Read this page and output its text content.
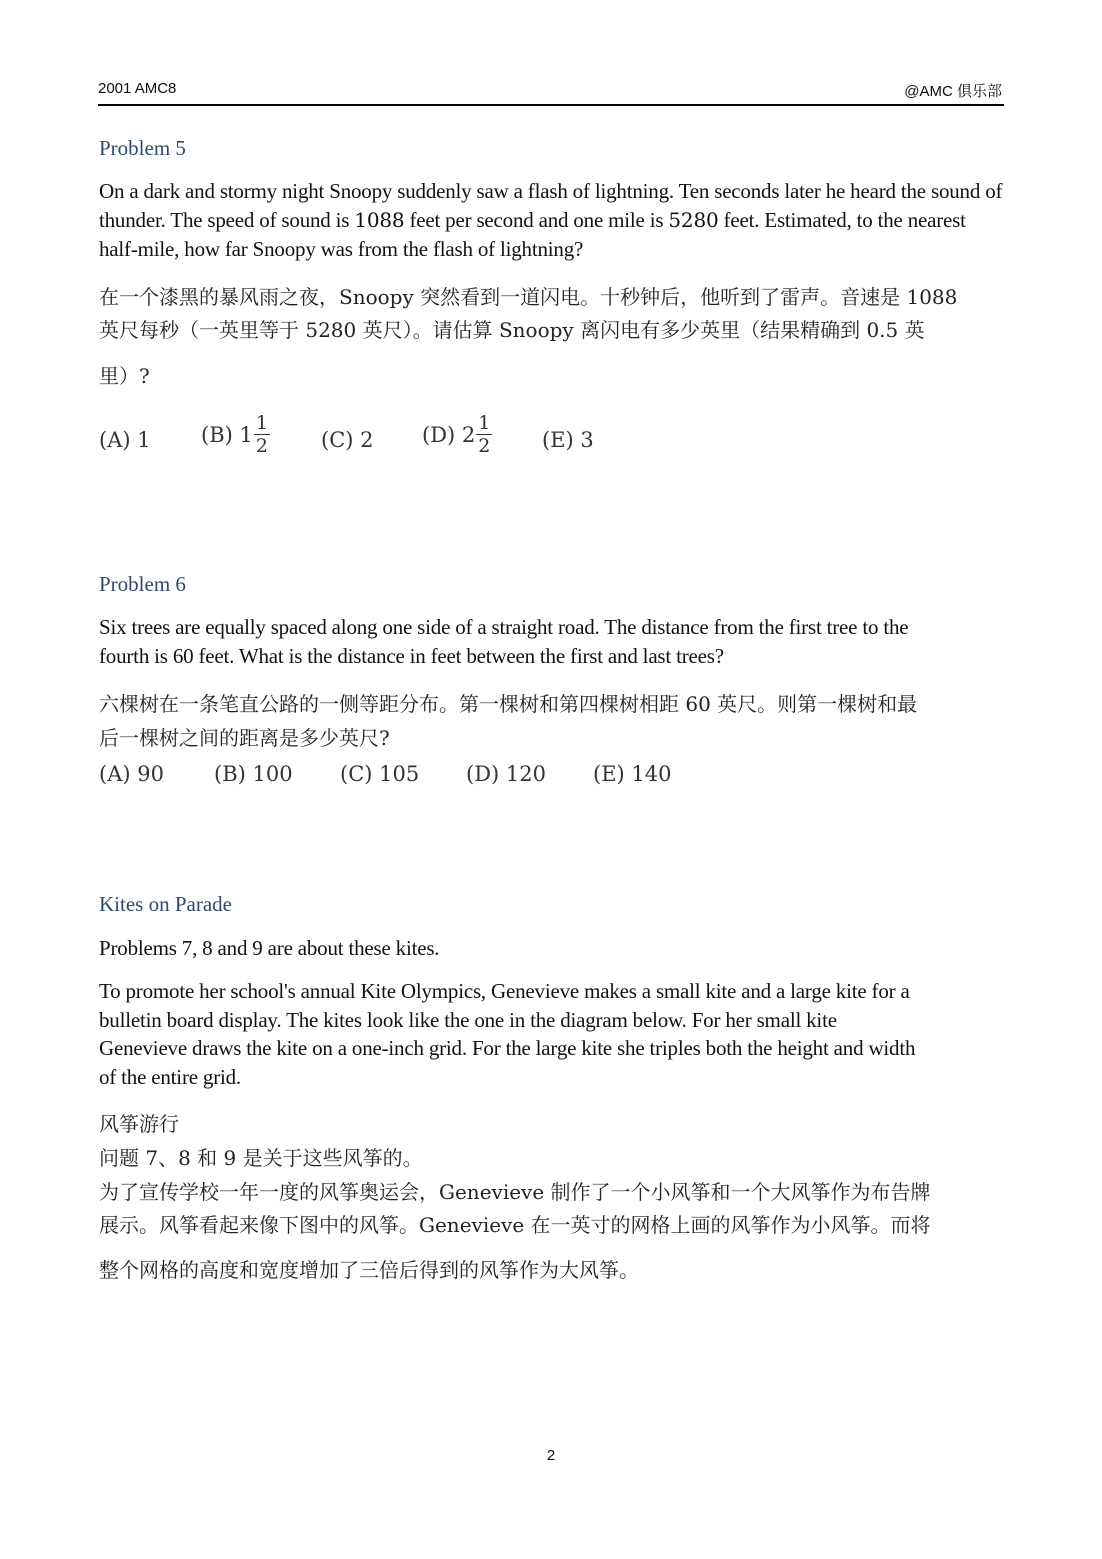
2001 AMC8	@AMC 俱乐部
Problem 5
On a dark and stormy night Snoopy suddenly saw a flash of lightning. Ten seconds later he heard the sound of thunder. The speed of sound is 1088 feet per second and one mile is 5280 feet. Estimated, to the nearest half-mile, how far Snoopy was from the flash of lightning?
在一个漆黑的暴风雨之夜，Snoopy 突然看到一道闪电。十秒钟后，他听到了雷声。音速是 1088
英尺每秒（一英里等于 5280 英尺）。请估算 Snoopy 离闪电有多少英里（结果精确到 0.5 英
里）?
(A) 1 (B) $1 \frac{1}{2} (C)$ 2 (D) $2 \frac{1}{2} (E)$ 3
Problem 6
Six trees are equally spaced along one side of a straight road. The distance from the first tree to the
fourth is 60 feet. What is the distance in feet between the first and last trees?
六棵树在一条笔直公路的一侧等距分布。第一棵树和第四棵树相距 60 英尺。则第一棵树和最
后一棵树之间的距离是多少英尺?
(A) 90 (B) 100 (C) 105 (D) 120 (E) 140
Kites on Parade
Problems 7, 8 and 9 are about these kites.
To promote her school's annual Kite Olympics, Genevieve makes a small kite and a large kite for a
bulletin board display. The kites look like the one in the diagram below. For her small kite
Genevieve draws the kite on a one-inch grid. For the large kite she triples both the height and width
of the entire grid.
风筝游行
问题 7、8 和 9 是关于这些风筝的。
为了宣传学校一年一度的风筝奥运会，Genevieve 制作了一个小风筝和一个大风筝作为布告牌
展示。风筝看起来像下图中的风筝。Genevieve 在一英寸的网格上画的风筝作为小风筝。而将
整个网格的高度和宽度增加了三倍后得到的风筝作为大风筝。
2
